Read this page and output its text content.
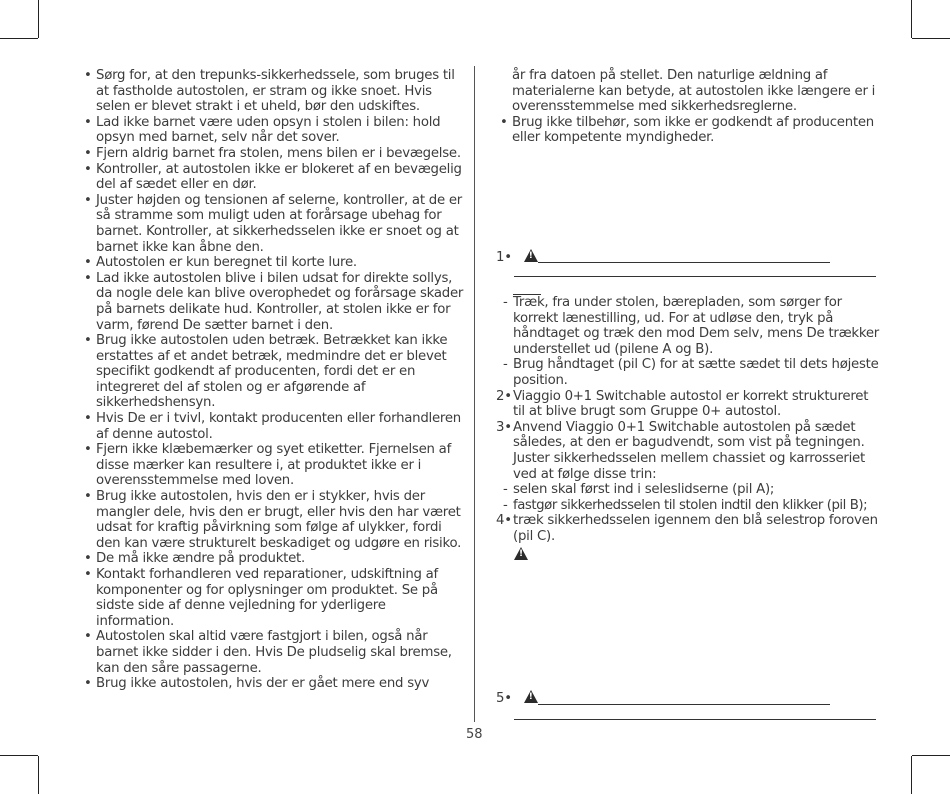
• Sørg for, at den trepunks-sikkerhedssele, som bruges til at fastholde autostolen, er stram og ikke snoet. Hvis selen er blevet strakt i et uheld, bør den udskiftes.
• Lad ikke barnet være uden opsyn i stolen i bilen: hold opsyn med barnet, selv når det sover.
• Fjern aldrig barnet fra stolen, mens bilen er i bevægelse.
• Kontroller, at autostolen ikke er blokeret af en bevægelig del af sædet eller en dør.
• Juster højden og tensionen af selerne, kontroller, at de er så stramme som muligt uden at forårsage ubehag for barnet. Kontroller, at sikkerhedsselen ikke er snoet og at barnet ikke kan åbne den.
• Autostolen er kun beregnet til korte lure.
• Lad ikke autostolen blive i bilen udsat for direkte sollys, da nogle dele kan blive overophedet og forårsage skader på barnets delikate hud. Kontroller, at stolen ikke er for varm, førend De sætter barnet i den.
• Brug ikke autostolen uden betræk. Betrækket kan ikke erstattes af et andet betræk, medmindre det er blevet specifikt godkendt af producenten, fordi det er en integreret del af stolen og er afgørende af sikkerhedshensyn.
• Hvis De er i tvivl, kontakt producenten eller forhandleren af denne autostol.
• Fjern ikke klæbemærker og syet etiketter. Fjernelsen af disse mærker kan resultere i, at produktet ikke er i overensstemmelse med loven.
• Brug ikke autostolen, hvis den er i stykker, hvis der mangler dele, hvis den er brugt, eller hvis den har været udsat for kraftig påvirkning som følge af ulykker, fordi den kan være strukturelt beskadiget og udgøre en risiko.
• De må ikke ændre på produktet.
• Kontakt forhandleren ved reparationer, udskiftning af komponenter og for oplysninger om produktet. Se på sidste side af denne vejledning for yderligere information.
• Autostolen skal altid være fastgjort i bilen, også når barnet ikke sidder i den. Hvis De pludselig skal bremse, kan den såre passagerne.
• Brug ikke autostolen, hvis der er gået mere end syv
år fra datoen på stellet. Den naturlige ældning af materialerne kan betyde, at autostolen ikke længere er i overensstemmelse med sikkerhedsreglerne.
• Brug ikke tilbehør, som ikke er godkendt af producenten eller kompetente myndigheder.
1• !
- Træk, fra under stolen, bærepladen, som sørger for korrekt lænestilling, ud. For at udløse den, tryk på håndtaget og træk den mod Dem selv, mens De trækker understellet ud (pilene A og B).
- Brug håndtaget (pil C) for at sætte sædet til dets højeste position.
2• Viaggio 0+1 Switchable autostol er korrekt struktureret til at blive brugt som Gruppe 0+ autostol.
3• Anvend Viaggio 0+1 Switchable autostolen på sædet således, at den er bagudvendt, som vist på tegningen. Juster sikkerhedsselen mellem chassiet og karrosseriet ved at følge disse trin:
- selen skal først ind i seleslidserne (pil A);
- fastgør sikkerhedsselen til stolen indtil den klikker (pil B);
4• træk sikkerhedsselen igennem den blå selestrop foroven (pil C).
!
5• !
58
